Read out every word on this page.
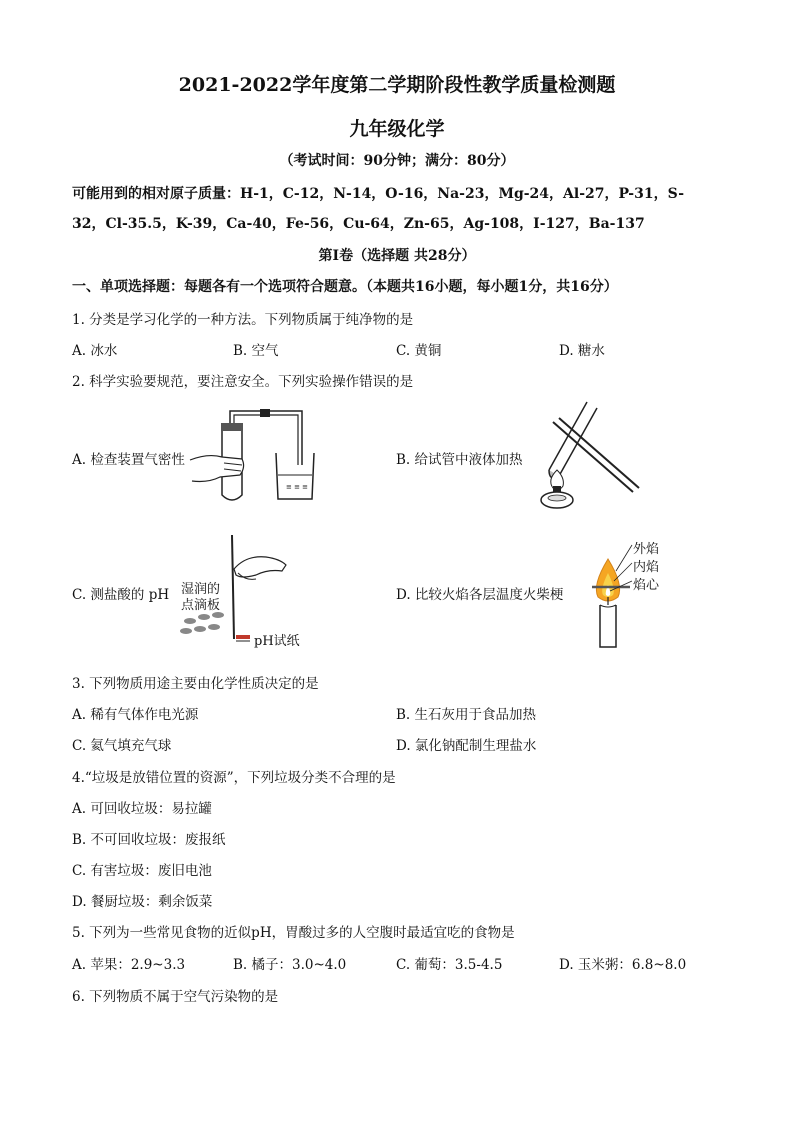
2021-2022学年度第二学期阶段性教学质量检测题
九年级化学
（考试时间：90分钟；满分：80分）
可能用到的相对原子质量：H-1，C-12，N-14，O-16，Na-23，Mg-24，Al-27，P-31，S-
32，Cl-35.5，K-39，Ca-40，Fe-56，Cu-64，Zn-65，Ag-108，I-127，Ba-137
第Ⅰ卷（选择题 共28分）
一、单项选择题：每题各有一个选项符合题意。（本题共16小题，每小题1分，共16分）
1. 分类是学习化学的一种方法。下列物质属于纯净物的是
A. 冰水	B. 空气	C. 黄铜	D. 糖水
2. 科学实验要规范，要注意安全。下列实验操作错误的是
A. 检查装置气密性	B. 给试管中液体加热
C. 测盐酸的 pH	D. 比较火焰各层温度火柴梗
≡ ≡ ≡
湿润的
点滴板
pH试纸
外焰
内焰
焰心
3. 下列物质用途主要由化学性质决定的是
A. 稀有气体作电光源	B. 生石灰用于食品加热
C. 氦气填充气球	D. 氯化钠配制生理盐水
4.“垃圾是放错位置的资源”，下列垃圾分类不合理的是
A. 可回收垃圾：易拉罐
B. 不可回收垃圾：废报纸
C. 有害垃圾：废旧电池
D. 餐厨垃圾：剩余饭菜
5. 下列为一些常见食物的近似pH，胃酸过多的人空腹时最适宜吃的食物是
A. 苹果：2.9~3.3	B. 橘子：3.0~4.0	C. 葡萄：3.5-4.5	D. 玉米粥：6.8~8.0
6. 下列物质不属于空气污染物的是
